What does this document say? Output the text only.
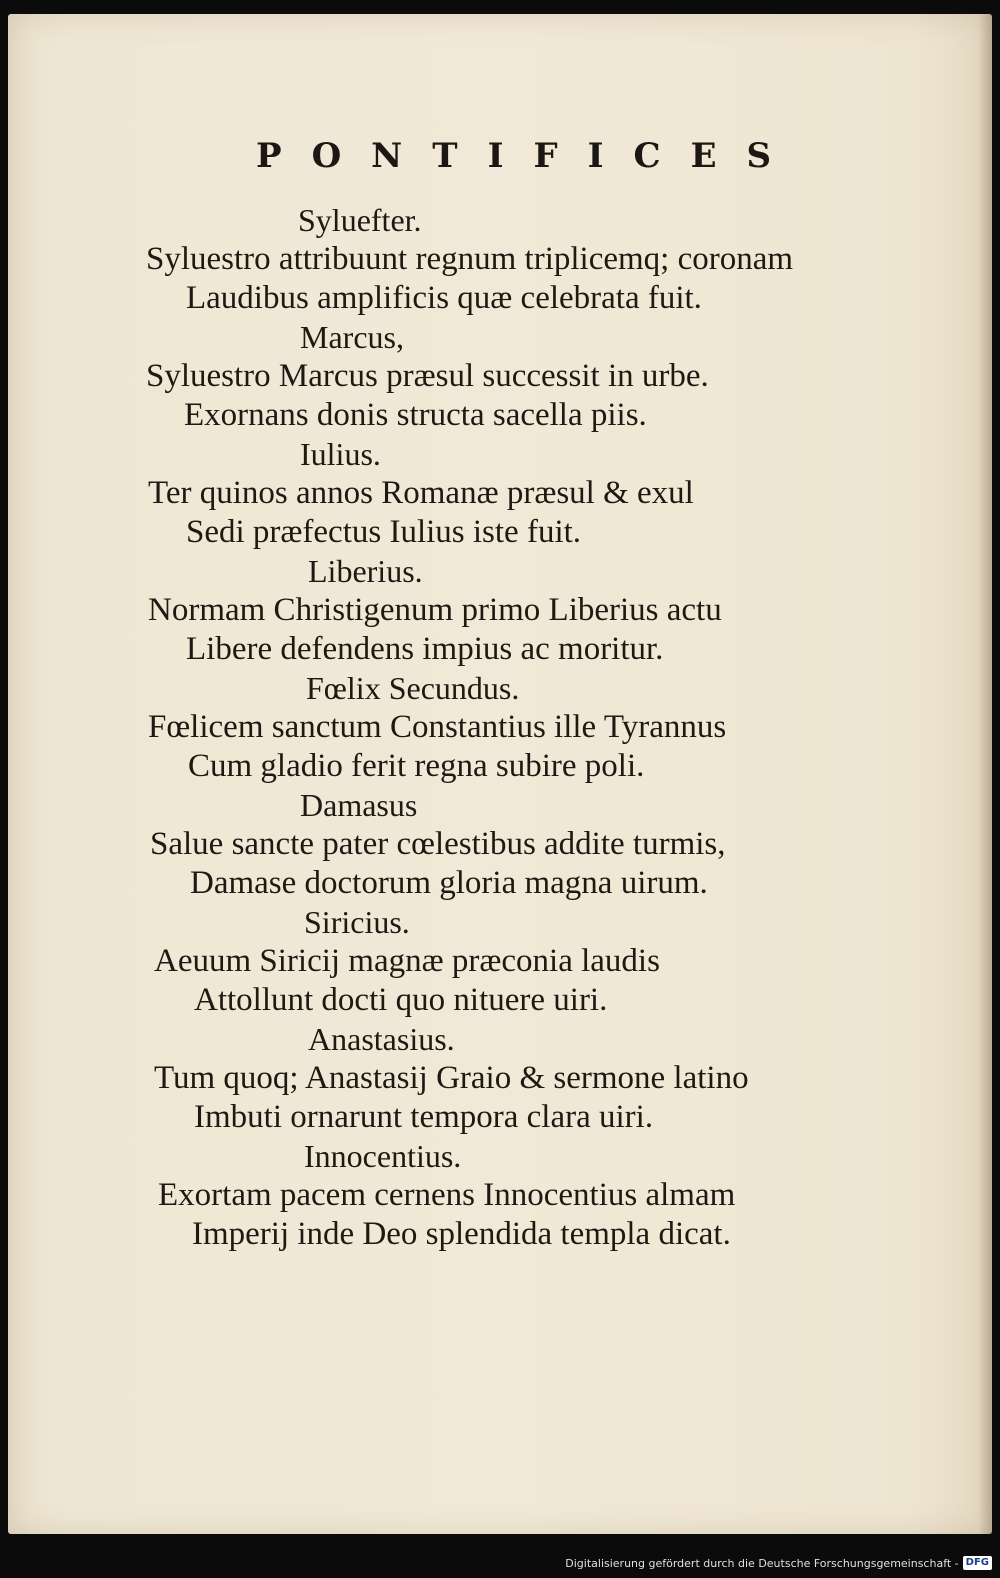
PONTIFICES
Syluefter.
Syluestro attribuunt regnum triplicemq; coronam
Laudibus amplificis quæ celebrata fuit.
Marcus,
Syluestro Marcus præsul successit in urbe.
Exornans donis structa sacella piis.
Iulius.
Ter quinos annos Romanæ præsul & exul
Sedi præfectus Iulius iste fuit.
Liberius.
Normam Christigenum primo Liberius actu
Libere defendens impius ac moritur.
Fœlix Secundus.
Fœlicem sanctum Constantius ille Tyrannus
Cum gladio ferit regna subire poli.
Damasus
Salue sancte pater cœlestibus addite turmis,
Damase doctorum gloria magna uirum.
Siricius.
Aeuum Siricij magnæ præconia laudis
Attollunt docti quo nituere uiri.
Anastasius.
Tum quoq; Anastasij Graio & sermone latino
Imbuti ornarunt tempora clara uiri.
Innocentius.
Exortam pacem cernens Innocentius almam
Imperij inde Deo splendida templa dicat.
Digitalisierung gefördert durch die Deutsche Forschungsgemeinschaft - DFG
